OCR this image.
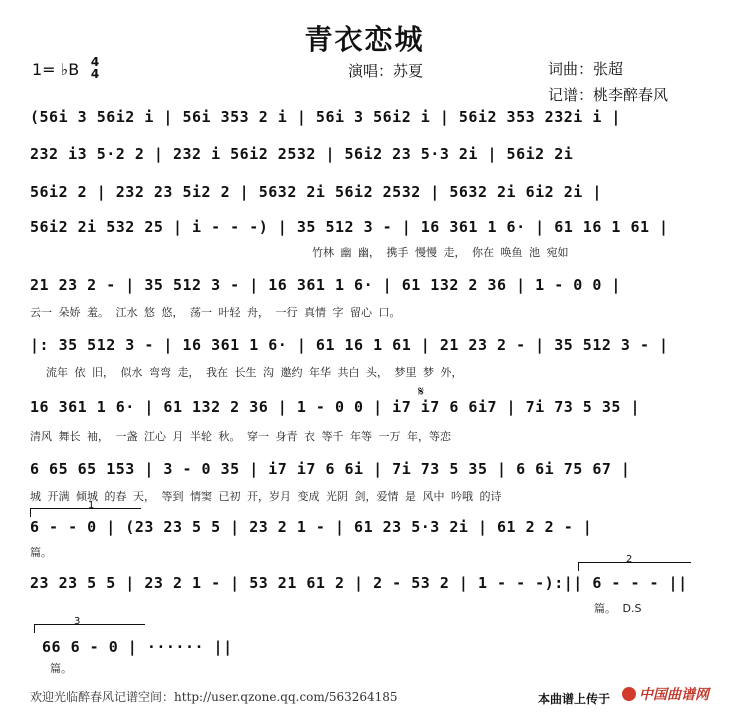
青衣恋城
1= ♭B 4
4	演唱：苏夏	词曲：张超
记谱：桃李醉春风
(56i 3 56i2 i | 56i 353 2 i | 56i 3 56i2 i | 56i2 353 232i i |
232 i3 5·2 2 | 232 i 56i2 2532 | 56i2 23 5·3 2i | 56i2 2i
56i2 2 | 232 23 5i2 2 | 5632 2i 56i2 2532 | 5632 2i 6i2 2i |
56i2 2i 532 25 | i - - -) | 35 512 3 - | 16 361 1 6· | 61 16 1 61 |
竹林 幽 幽， 携手 慢慢 走， 你在 唤鱼 池 宛如
21 23 2 - | 35 512 3 - | 16 361 1 6· | 61 132 2 36 | 1 - 0 0 |
云一 朵娇 羞。 江水 悠 悠， 荡一 叶轻 舟， 一行 真情 字 留心 口。
|: 35 512 3 - | 16 361 1 6· | 61 16 1 61 | 21 23 2 - | 35 512 3 - |
流年 依 旧， 似水 弯弯 走， 我在 长生 沟 邀约 年华 共白 头， 梦里 梦 外，
16 361 1 6· | 61 132 2 36 | 1 - 0 0 | i7 i7 6 6i7 | 7i 73 5 35 |
清风 舞长 袖， 一盏 江心 月 半轮 秋。 穿一 身青 衣 等千 年等 一万 年，等恋
𝄋
6 65 65 153 | 3 - 0 35 | i7 i7 6 6i | 7i 73 5 35 | 6 6i 75 67 |
城 开满 倾城 的春 天， 等到 情窦 已初 开，岁月 变成 光阴 剑，爱情 是 风中 吟哦 的诗
1
6 - - 0 | (23 23 5 5 | 23 2 1 - | 61 23 5·3 2i | 61 2 2 - |
篇。
2
23 23 5 5 | 23 2 1 - | 53 21 61 2 | 2 - 53 2 | 1 - - -):|| 6 - - - ||
篇。 D.S
3
66 6 - 0 | ······ ||
篇。
欢迎光临醉春风记谱空间：http://user.qzone.qq.com/563264185	本曲谱上传于	中国曲谱网
